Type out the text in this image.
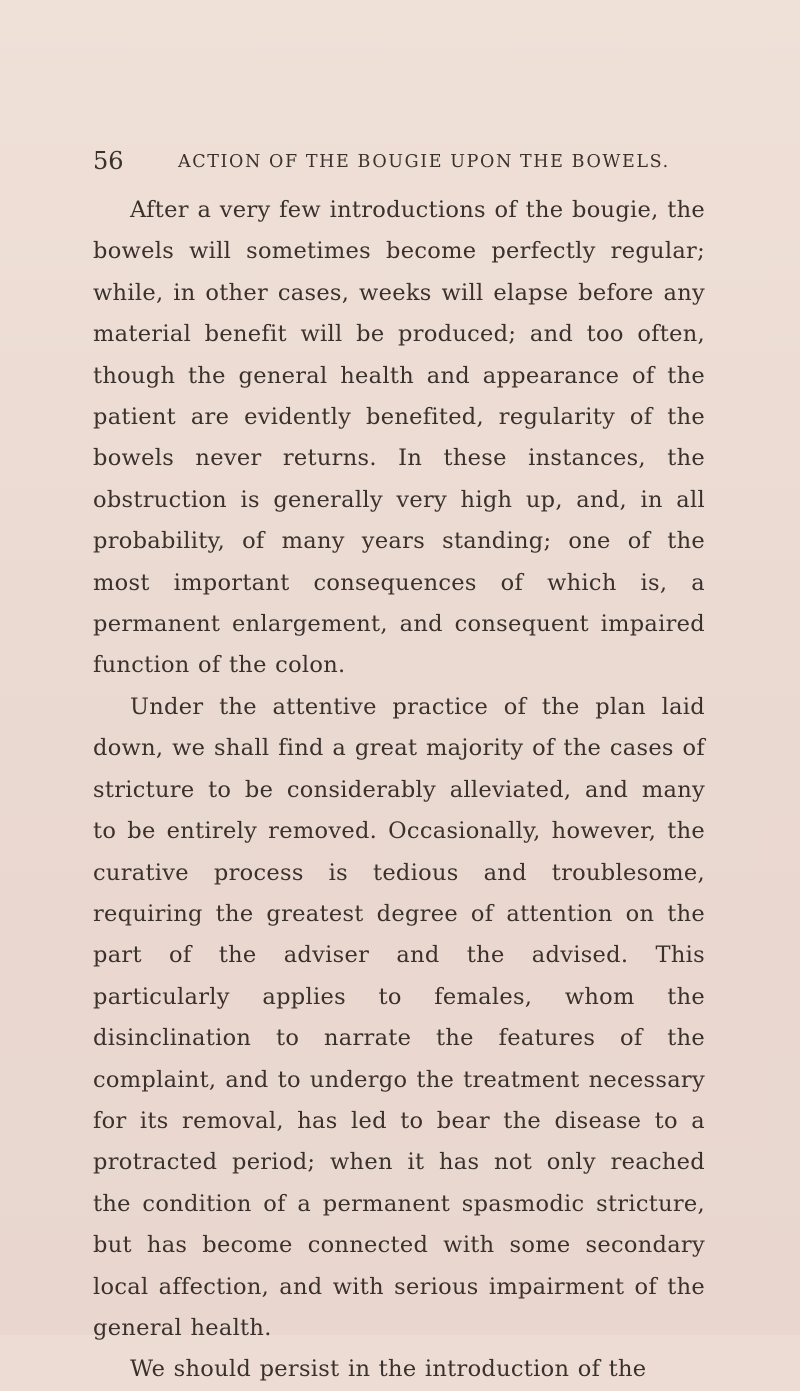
56	ACTION OF THE BOUGIE UPON THE BOWELS.

After a very few introductions of the bougie, the bowels will sometimes become perfectly regular; while, in other cases, weeks will elapse before any material benefit will be produced; and too often, though the general health and appearance of the patient are evidently benefited, regularity of the bowels never returns. In these instances, the obstruction is generally very high up, and, in all probability, of many years standing; one of the most important consequences of which is, a permanent enlargement, and consequent impaired function of the colon.

Under the attentive practice of the plan laid down, we shall find a great majority of the cases of stricture to be considerably alleviated, and many to be entirely removed. Occasionally, however, the curative process is tedious and troublesome, requiring the greatest degree of attention on the part of the adviser and the advised. This particularly applies to females, whom the disinclination to narrate the features of the complaint, and to undergo the treatment necessary for its removal, has led to bear the disease to a protracted period; when it has not only reached the condition of a permanent spasmodic stricture, but has become connected with some secondary local affection, and with serious impairment of the general health.

We should persist in the introduction of the
